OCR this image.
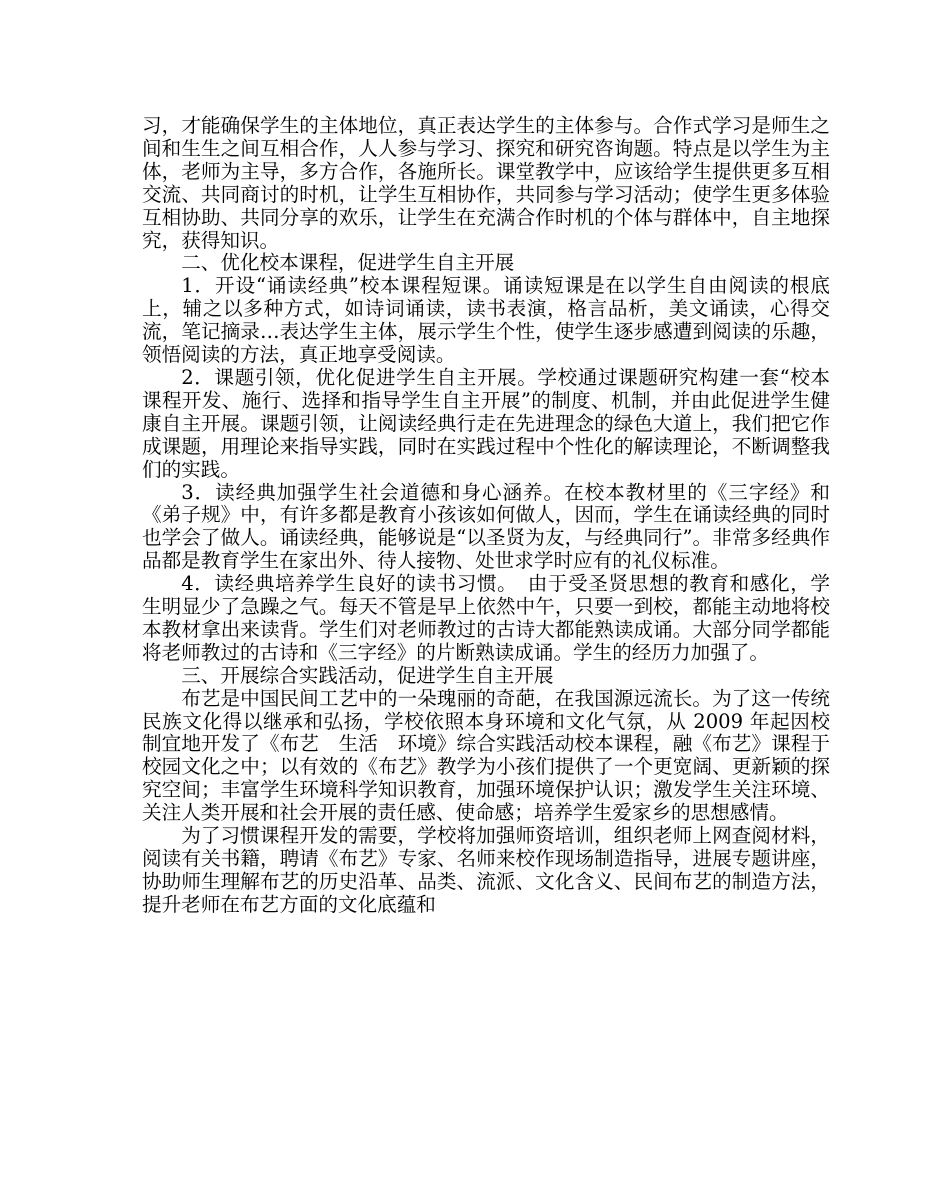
习，才能确保学生的主体地位，真正表达学生的主体参与。合作式学习是师生之间和生生之间互相合作，人人参与学习、探究和研究咨询题。特点是以学生为主体，老师为主导，多方合作，各施所长。课堂教学中，应该给学生提供更多互相交流、共同商讨的时机，让学生互相协作，共同参与学习活动；使学生更多体验互相协助、共同分享的欢乐，让学生在充满合作时机的个体与群体中，自主地探究，获得知识。

二、优化校本课程，促进学生自主开展

1．开设“诵读经典”校本课程短课。诵读短课是在以学生自由阅读的根底上，辅之以多种方式，如诗词诵读，读书表演，格言品析，美文诵读，心得交流，笔记摘录…表达学生主体，展示学生个性，使学生逐步感遭到阅读的乐趣，领悟阅读的方法，真正地享受阅读。

2．课题引领，优化促进学生自主开展。学校通过课题研究构建一套“校本课程开发、施行、选择和指导学生自主开展”的制度、机制，并由此促进学生健康自主开展。课题引领，让阅读经典行走在先进理念的绿色大道上，我们把它作成课题，用理论来指导实践，同时在实践过程中个性化的解读理论，不断调整我们的实践。

3．读经典加强学生社会道德和身心涵养。在校本教材里的《三字经》和《弟子规》中，有许多都是教育小孩该如何做人，因而，学生在诵读经典的同时也学会了做人。诵读经典，能够说是“以圣贤为友，与经典同行”。非常多经典作品都是教育学生在家出外、待人接物、处世求学时应有的礼仪标准。

4．读经典培养学生良好的读书习惯。　由于受圣贤思想的教育和感化，学生明显少了急躁之气。每天不管是早上依然中午，只要一到校，都能主动地将校本教材拿出来读背。学生们对老师教过的古诗大都能熟读成诵。大部分同学都能将老师教过的古诗和《三字经》的片断熟读成诵。学生的经历力加强了。

三、开展综合实践活动，促进学生自主开展

布艺是中国民间工艺中的一朵瑰丽的奇葩，在我国源远流长。为了这一传统民族文化得以继承和弘扬，学校依照本身环境和文化气氛，从 2009 年起因校制宜地开发了《布艺　生活　环境》综合实践活动校本课程，融《布艺》课程于校园文化之中；以有效的《布艺》教学为小孩们提供了一个更宽阔、更新颖的探究空间；丰富学生环境科学知识教育，加强环境保护认识；激发学生关注环境、关注人类开展和社会开展的责任感、使命感；培养学生爱家乡的思想感情。

为了习惯课程开发的需要，学校将加强师资培训，组织老师上网查阅材料，阅读有关书籍，聘请《布艺》专家、名师来校作现场制造指导，进展专题讲座，协助师生理解布艺的历史沿革、品类、流派、文化含义、民间布艺的制造方法，提升老师在布艺方面的文化底蕴和
